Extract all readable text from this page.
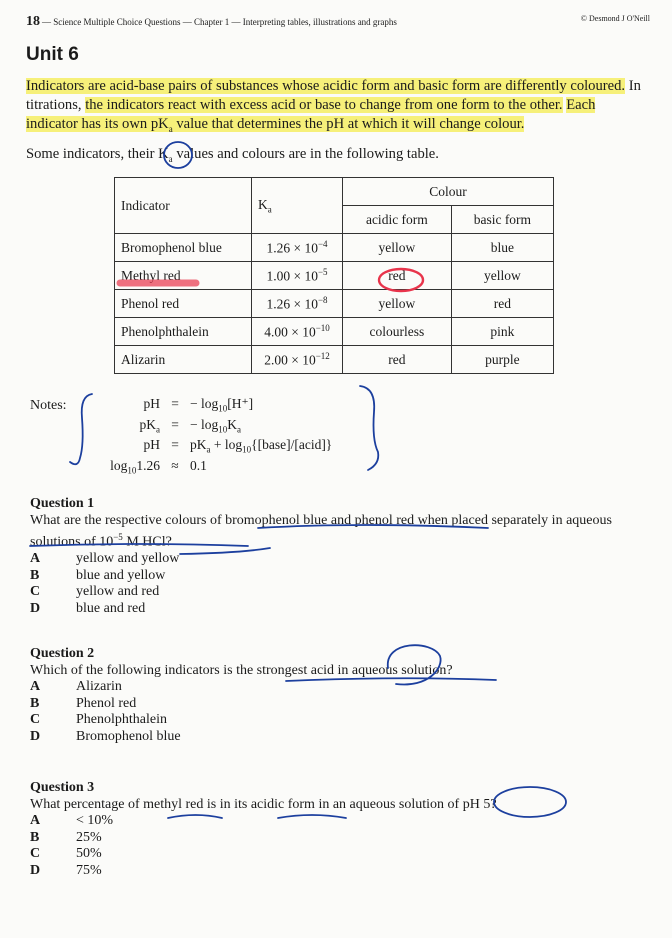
18 — Science Multiple Choice Questions — Chapter 1 — Interpreting tables, illustrations and graphs	© Desmond J O'Neill
Unit 6

Indicators are acid-base pairs of substances whose acidic form and basic form are differently coloured. In titrations, the indicators react with excess acid or base to change from one form to the other. Each indicator has its own $pK_a$ value that determines the pH at which it will change colour.

Some indicators, their $K_a$ values and colours are in the following table.
Indicator	$K_a$	Colour	
		acidic form	basic form
Bromophenol blue	$1.26 \times 10^{-4}$	yellow	blue
Methyl red	$1.00 \times 10^{-5}$	red	yellow
Phenol red	$1.26 \times 10^{-8}$	yellow	red
Phenolphthalein	$4.00 \times 10^{-10}$	colourless	pink
Alizarin	$2.00 \times 10^{-12}$	red	purple
Notes:	pH = − $\log_{10}[H^+]$
$pK_a$ = − $\log_{10}K_a$
pH = $pK_a$ + $\log_{10}\{[base]/[acid]\}$
$\log_{10}1.26 \approx 0.1$
Question 1
What are the respective colours of bromophenol blue and phenol red when placed separately in aqueous solutions of $10^{-5}$ M HCl?
A	yellow and yellow
B	blue and yellow
C	yellow and red
D	blue and red
Question 2
Which of the following indicators is the strongest acid in aqueous solution?
A	Alizarin
B	Phenol red
C	Phenolphthalein
D	Bromophenol blue
Question 3
What percentage of methyl red is in its acidic form in an aqueous solution of pH 5?
A	< 10%
B	25%
C	50%
D	75%
